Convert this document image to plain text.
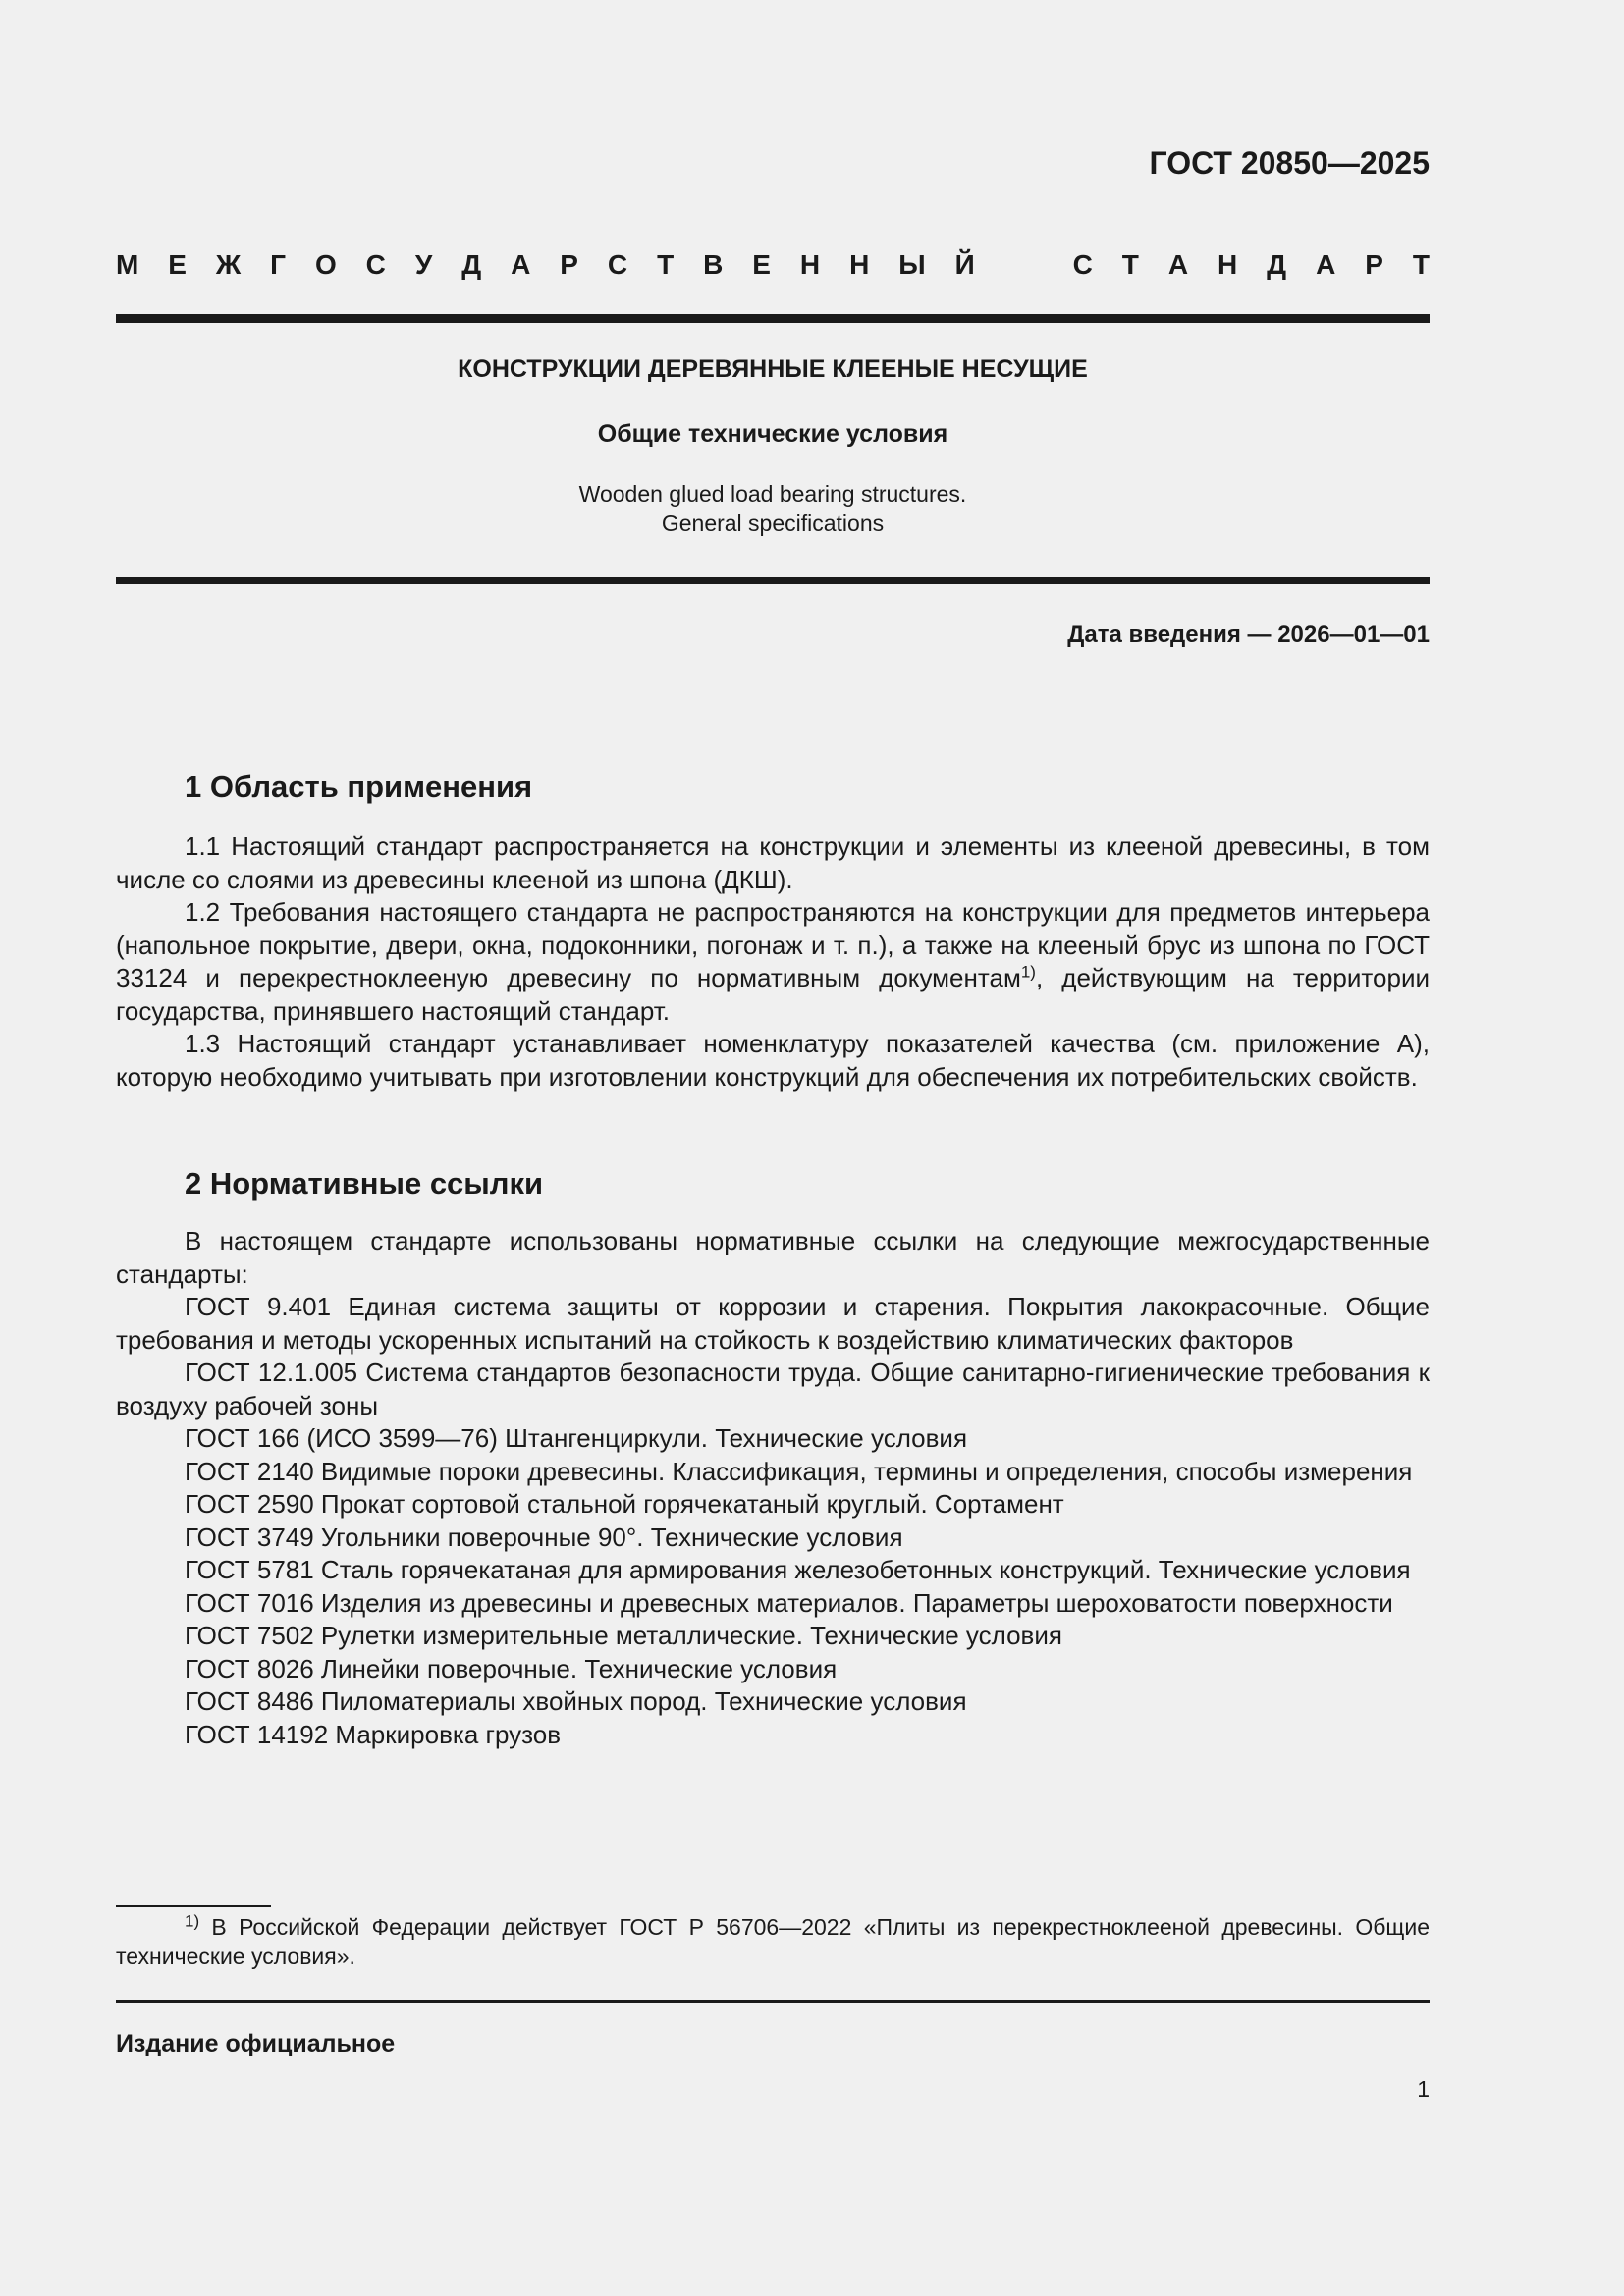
ГОСТ 20850—2025
М Е Ж Г О С У Д А Р С Т В Е Н Н Ы Й	С Т А Н Д А Р Т
КОНСТРУКЦИИ ДЕРЕВЯННЫЕ КЛЕЕНЫЕ НЕСУЩИЕ
Общие технические условия
Wooden glued load bearing structures.
General specifications
Дата введения — 2026—01—01
1 Область применения

1.1 Настоящий стандарт распространяется на конструкции и элементы из клееной древесины, в том числе со слоями из древесины клееной из шпона (ДКШ).

1.2 Требования настоящего стандарта не распространяются на конструкции для предметов интерьера (напольное покрытие, двери, окна, подоконники, погонаж и т. п.), а также на клееный брус из шпона по ГОСТ 33124 и перекрестноклееную древесину по нормативным документам$^{1)}$, действующим на территории государства, принявшего настоящий стандарт.

1.3 Настоящий стандарт устанавливает номенклатуру показателей качества (см. приложение А), которую необходимо учитывать при изготовлении конструкций для обеспечения их потребительских свойств.

2 Нормативные ссылки

В настоящем стандарте использованы нормативные ссылки на следующие межгосударственные стандарты:

ГОСТ 9.401 Единая система защиты от коррозии и старения. Покрытия лакокрасочные. Общие требования и методы ускоренных испытаний на стойкость к воздействию климатических факторов

ГОСТ 12.1.005 Система стандартов безопасности труда. Общие санитарно-гигиенические требования к воздуху рабочей зоны

ГОСТ 166 (ИСО 3599—76) Штангенциркули. Технические условия

ГОСТ 2140 Видимые пороки древесины. Классификация, термины и определения, способы измерения

ГОСТ 2590 Прокат сортовой стальной горячекатаный круглый. Сортамент

ГОСТ 3749 Угольники поверочные 90°. Технические условия

ГОСТ 5781 Сталь горячекатаная для армирования железобетонных конструкций. Технические условия

ГОСТ 7016 Изделия из древесины и древесных материалов. Параметры шероховатости поверхности

ГОСТ 7502 Рулетки измерительные металлические. Технические условия

ГОСТ 8026 Линейки поверочные. Технические условия

ГОСТ 8486 Пиломатериалы хвойных пород. Технические условия

ГОСТ 14192 Маркировка грузов

$^{1)}$ В Российской Федерации действует ГОСТ Р 56706—2022 «Плиты из перекрестноклееной древесины. Общие технические условия».

Издание официальное
1
